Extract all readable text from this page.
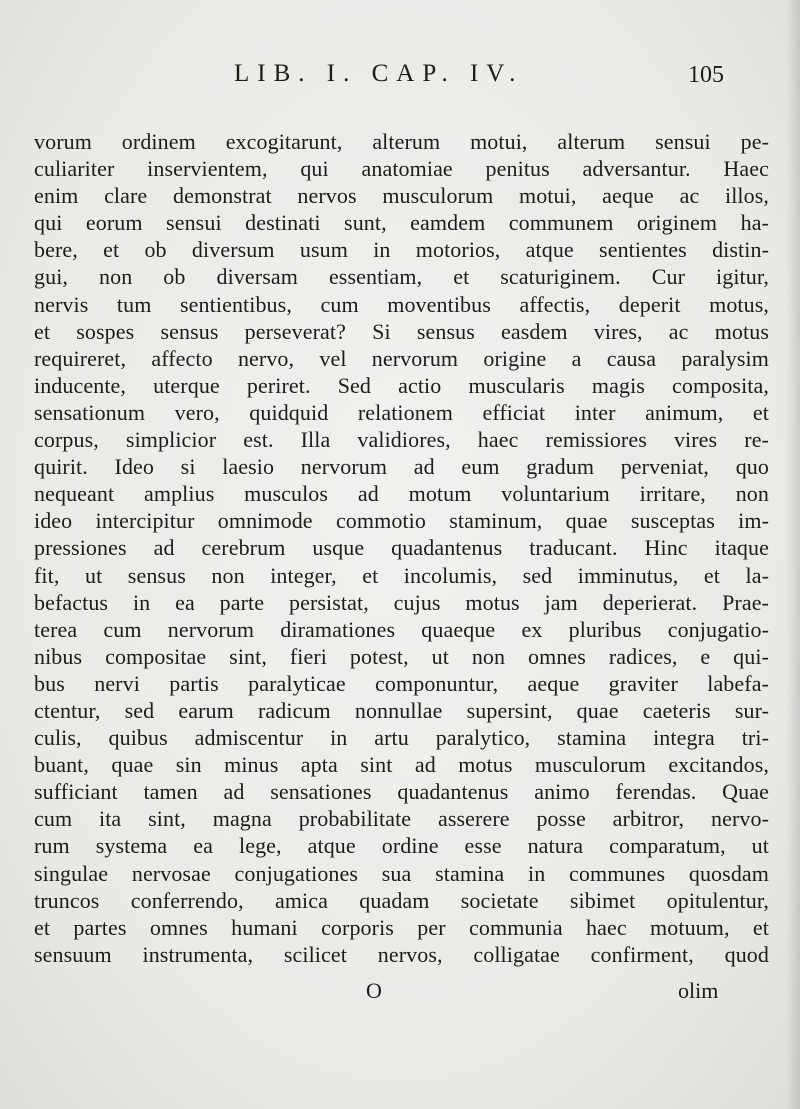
LIB. I. CAP. IV.	105
vorum ordinem excogitarunt, alterum motui, alterum sensui pe-
culiariter inservientem, qui anatomiae penitus adversantur. Haec
enim clare demonstrat nervos musculorum motui, aeque ac illos,
qui eorum sensui destinati sunt, eamdem communem originem ha-
bere, et ob diversum usum in motorios, atque sentientes distin-
gui, non ob diversam essentiam, et scaturiginem. Cur igitur,
nervis tum sentientibus, cum moventibus affectis, deperit motus,
et sospes sensus perseverat? Si sensus easdem vires, ac motus
requireret, affecto nervo, vel nervorum origine a causa paralysim
inducente, uterque periret. Sed actio muscularis magis composita,
sensationum vero, quidquid relationem efficiat inter animum, et
corpus, simplicior est. Illa validiores, haec remissiores vires re-
quirit. Ideo si laesio nervorum ad eum gradum perveniat, quo
nequeant amplius musculos ad motum voluntarium irritare, non
ideo intercipitur omnimode commotio staminum, quae susceptas im-
pressiones ad cerebrum usque quadantenus traducant. Hinc itaque
fit, ut sensus non integer, et incolumis, sed imminutus, et la-
befactus in ea parte persistat, cujus motus jam deperierat. Prae-
terea cum nervorum diramationes quaeque ex pluribus conjugatio-
nibus compositae sint, fieri potest, ut non omnes radices, e qui-
bus nervi partis paralyticae componuntur, aeque graviter labefa-
ctentur, sed earum radicum nonnullae supersint, quae caeteris sur-
culis, quibus admiscentur in artu paralytico, stamina integra tri-
buant, quae sin minus apta sint ad motus musculorum excitandos,
sufficiant tamen ad sensationes quadantenus animo ferendas. Quae
cum ita sint, magna probabilitate asserere posse arbitror, nervo-
rum systema ea lege, atque ordine esse natura comparatum, ut
singulae nervosae conjugationes sua stamina in communes quosdam
truncos conferrendo, amica quadam societate sibimet opitulentur,
et partes omnes humani corporis per communia haec motuum, et
sensuum instrumenta, scilicet nervos, colligatae confirment, quod
O	olim
